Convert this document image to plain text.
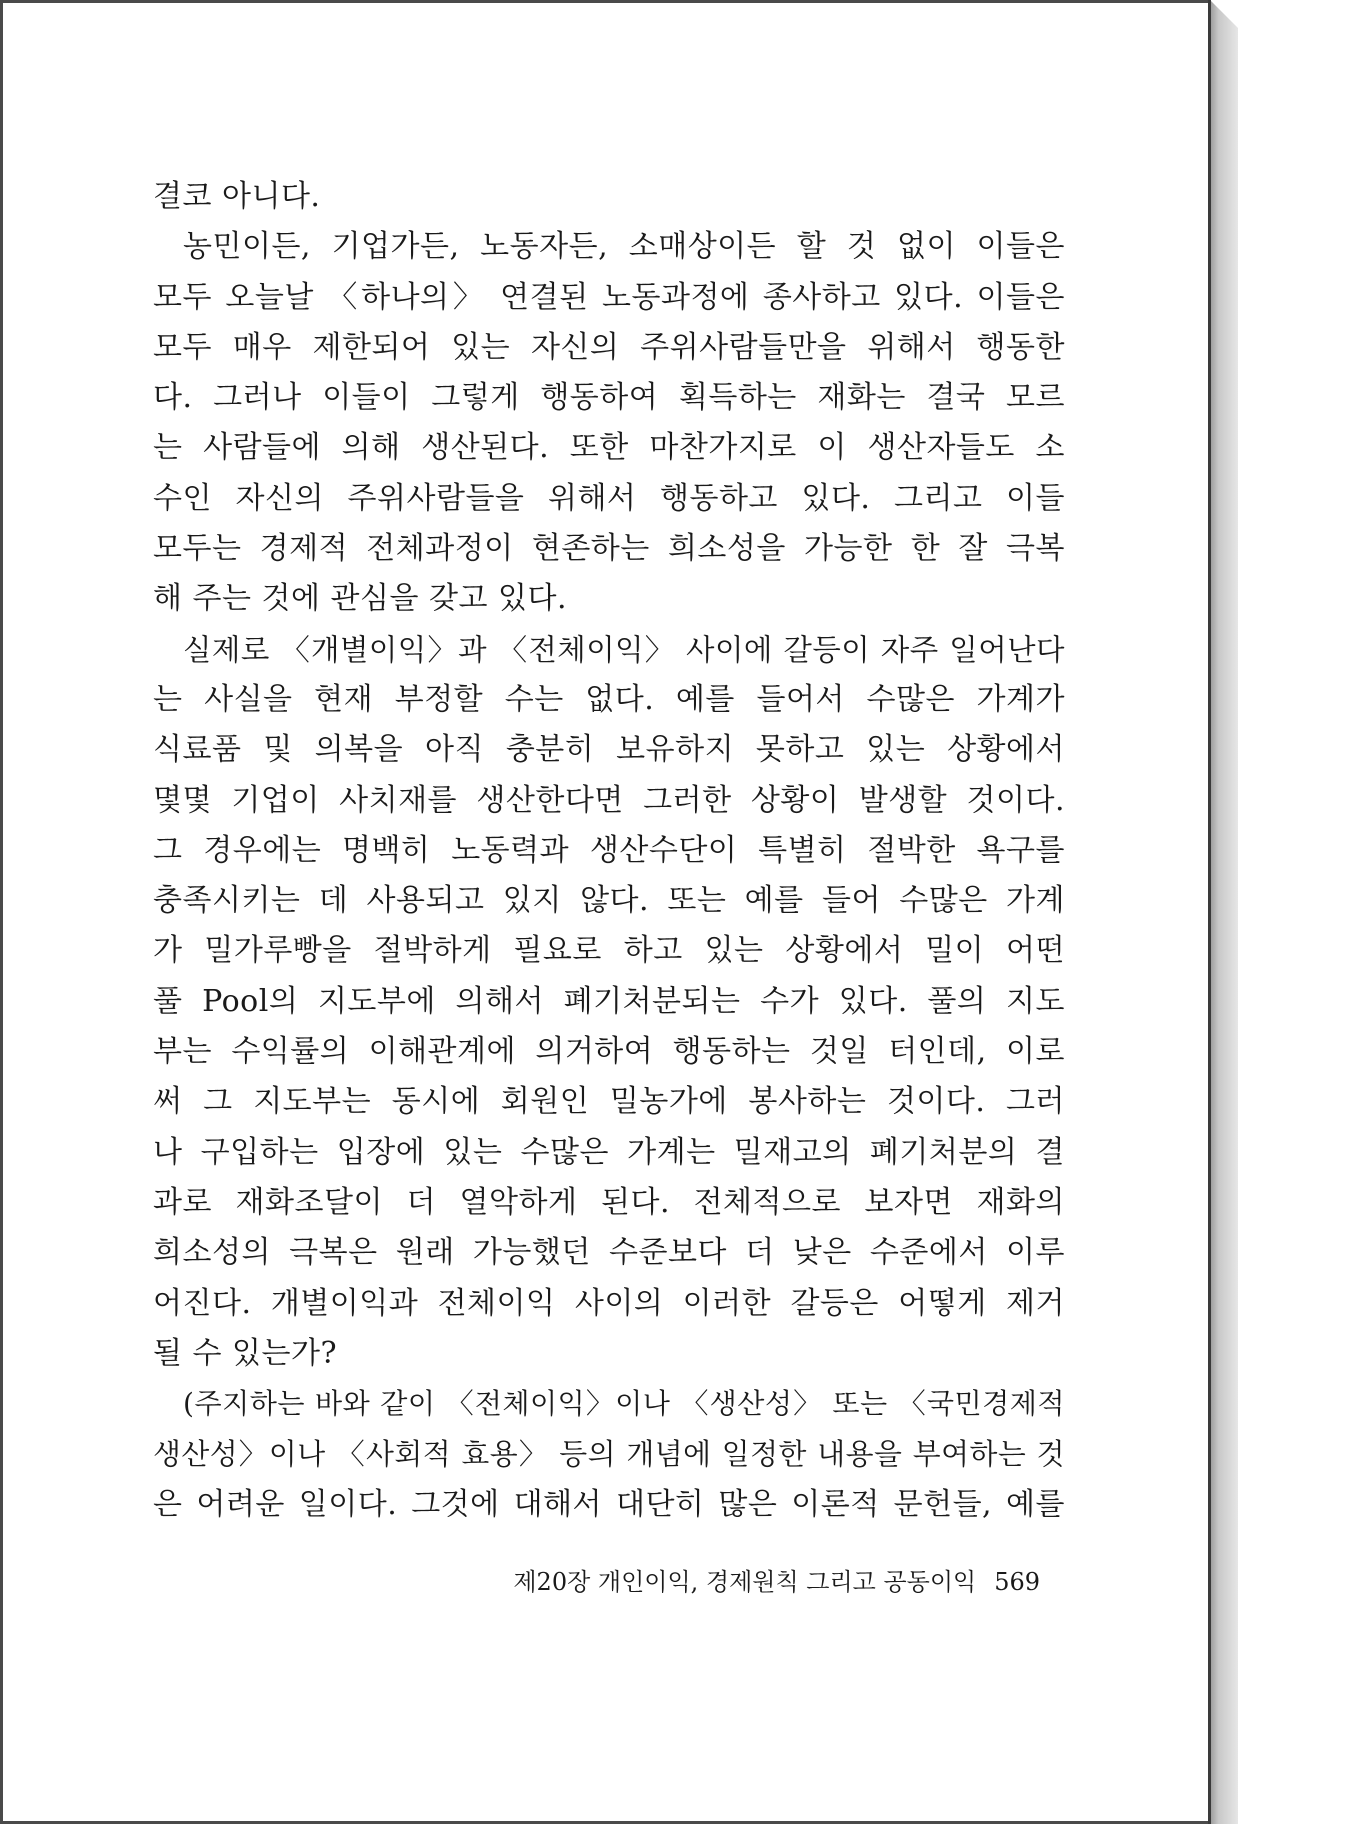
결코 아니다.

농민이든, 기업가든, 노동자든, 소매상이든 할 것 없이 이들은
모두 오늘날 〈하나의〉 연결된 노동과정에 종사하고 있다. 이들은
모두 매우 제한되어 있는 자신의 주위사람들만을 위해서 행동한
다. 그러나 이들이 그렇게 행동하여 획득하는 재화는 결국 모르
는 사람들에 의해 생산된다. 또한 마찬가지로 이 생산자들도 소
수인 자신의 주위사람들을 위해서 행동하고 있다. 그리고 이들
모두는 경제적 전체과정이 현존하는 희소성을 가능한 한 잘 극복
해 주는 것에 관심을 갖고 있다.

실제로 〈개별이익〉과 〈전체이익〉 사이에 갈등이 자주 일어난다
는 사실을 현재 부정할 수는 없다. 예를 들어서 수많은 가계가
식료품 및 의복을 아직 충분히 보유하지 못하고 있는 상황에서
몇몇 기업이 사치재를 생산한다면 그러한 상황이 발생할 것이다.
그 경우에는 명백히 노동력과 생산수단이 특별히 절박한 욕구를
충족시키는 데 사용되고 있지 않다. 또는 예를 들어 수많은 가계
가 밀가루빵을 절박하게 필요로 하고 있는 상황에서 밀이 어떤
풀 Pool의 지도부에 의해서 폐기처분되는 수가 있다. 풀의 지도
부는 수익률의 이해관계에 의거하여 행동하는 것일 터인데, 이로
써 그 지도부는 동시에 회원인 밀농가에 봉사하는 것이다. 그러
나 구입하는 입장에 있는 수많은 가계는 밀재고의 폐기처분의 결
과로 재화조달이 더 열악하게 된다. 전체적으로 보자면 재화의
희소성의 극복은 원래 가능했던 수준보다 더 낮은 수준에서 이루
어진다. 개별이익과 전체이익 사이의 이러한 갈등은 어떻게 제거
될 수 있는가?

(주지하는 바와 같이 〈전체이익〉이나 〈생산성〉 또는 〈국민경제적
생산성〉이나 〈사회적 효용〉 등의 개념에 일정한 내용을 부여하는 것
은 어려운 일이다. 그것에 대해서 대단히 많은 이론적 문헌들, 예를

제20장 개인이익, 경제원칙 그리고 공동이익 569
